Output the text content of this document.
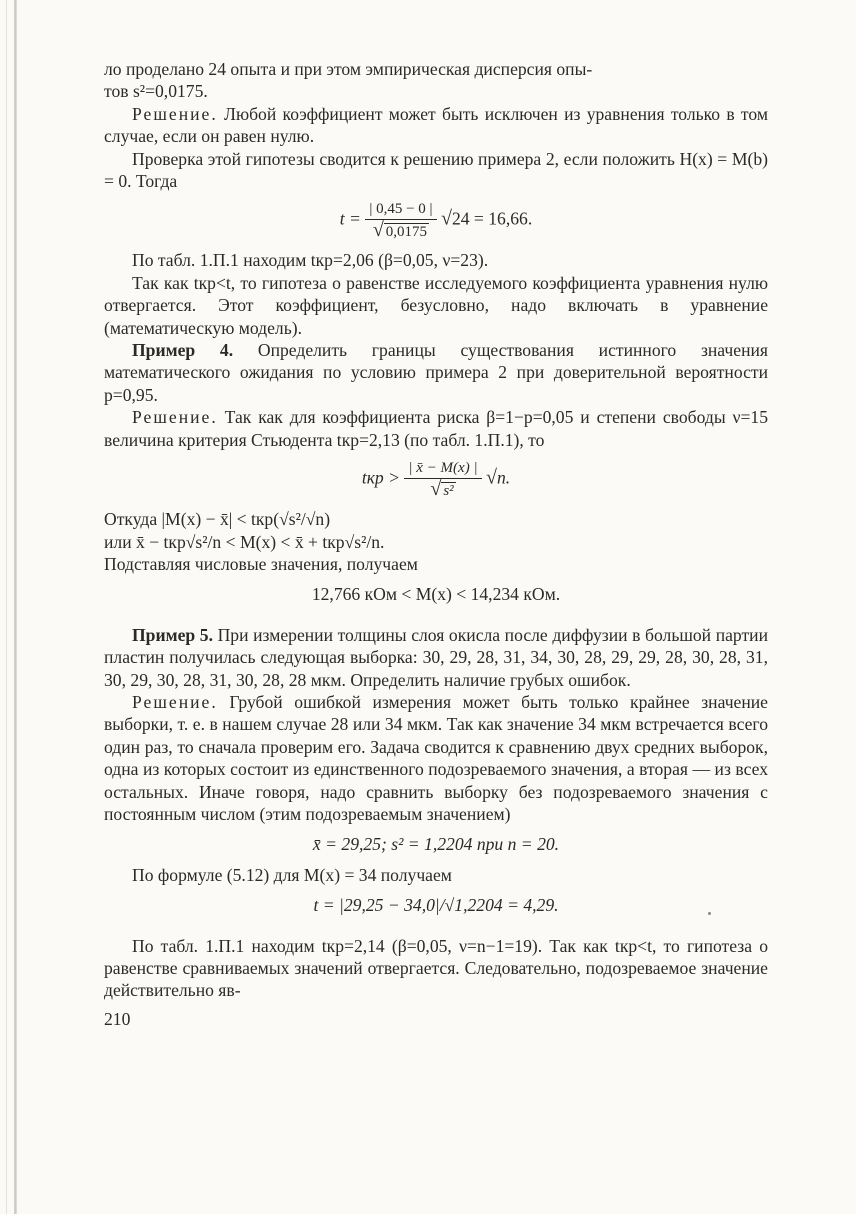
ло проделано 24 опыта и при этом эмпирическая дисперсия опы-

тов s²=0,0175.

Решение. Любой коэффициент может быть исключен из уравнения только в том случае, если он равен нулю.

Проверка этой гипотезы сводится к решению примера 2, если положить H(x) = M(b) = 0. Тогда

$t = \frac{| 0,45 - 0 |}{√ 0,0175} √24 = 16,66$.

По табл. 1.П.1 находим tкр=2,06 (β=0,05, ν=23).

Так как tкр<t, то гипотеза о равенстве исследуемого коэффициента уравнения нулю отвергается. Этот коэффициент, безусловно, надо включать в уравнение (математическую модель).

Пример 4. Определить границы существования истинного значения математического ожидания по условию примера 2 при доверительной вероятности p=0,95.

Решение. Так как для коэффициента риска β=1−p=0,05 и степени свободы ν=15 величина критерия Стьюдента tкр=2,13 (по табл. 1.П.1), то

tкр > $\frac{| x̄ - M(x) |}{\text{√ s²}} √n$.

Откуда |M(x) − x̄| < tкр(√s²/√n)

или x̄ − tкр√s²/n < M(x) < x̄ + tкр√s²/n.

Подставляя числовые значения, получаем

12,766 кОм < M(x) < 14,234 кОм.

Пример 5. При измерении толщины слоя окисла после диффузии в большой партии пластин получилась следующая выборка: 30, 29, 28, 31, 34, 30, 28, 29, 29, 28, 30, 28, 31, 30, 29, 30, 28, 31, 30, 28, 28 мкм. Определить наличие грубых ошибок.

Решение. Грубой ошибкой измерения может быть только крайнее значение выборки, т. е. в нашем случае 28 или 34 мкм. Так как значение 34 мкм встречается всего один раз, то сначала проверим его. Задача сводится к сравнению двух средних выборок, одна из которых состоит из единственного подозреваемого значения, а вторая — из всех остальных. Иначе говоря, надо сравнить выборку без подозреваемого значения с постоянным числом (этим подозреваемым значением)

x̄ = 29,25; s² = 1,2204 при n = 20.

По формуле (5.12) для M(x) = 34 получаем

t = |29,25 − 34,0|/√1,2204 = 4,29.

По табл. 1.П.1 находим tкр=2,14 (β=0,05, ν=n−1=19). Так как tкр<t, то гипотеза о равенстве сравниваемых значений отвергается. Следовательно, подозреваемое значение действительно яв-

210
